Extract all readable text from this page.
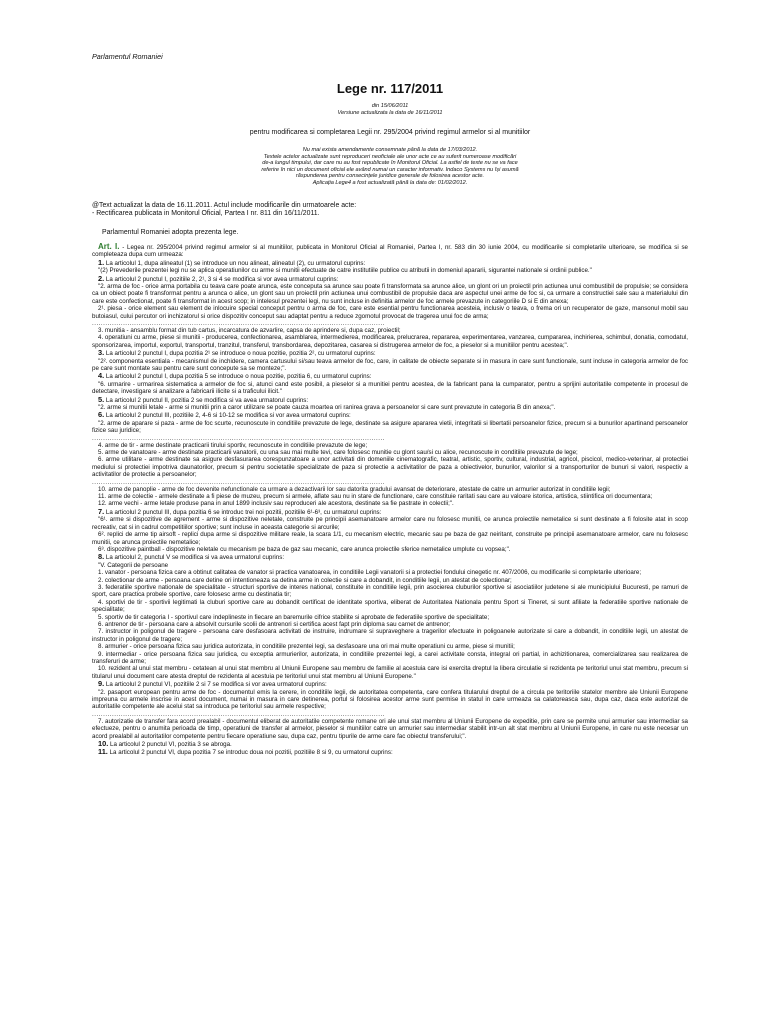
Parlamentul Romaniei
Lege nr. 117/2011
din 15/06/2011
Versiune actualizata la data de 16/11/2011
pentru modificarea si completarea Legii nr. 295/2004 privind regimul armelor si al munitiilor
Nu mai exista amendamente consemnate până la data de 17/03/2012.
Textele actelor actualizate sunt reproduceri neoficiale ale unor acte ce au suferit numeroase modificări
de-a lungul timpului, dar care nu au fost republicate în Monitorul Oficial. La astfel de texte nu se va face
referire în nici un document oficial ele având numai un caracter informativ. Indaco Systems nu își asumă
răspunderea pentru consecințele juridice generale de folosirea acestor acte.
Aplicația Lege4 a fost actualizată până la data de: 01/02/2012.
@Text actualizat la data de 16.11.2011. Actul include modificarile din urmatoarele acte:
- Rectificarea publicata in Monitorul Oficial, Partea I nr. 811 din 16/11/2011.
Parlamentul Romaniei adopta prezenta lege.

Art. I. - Legea nr. 295/2004 privind regimul armelor si al munitiilor, publicata in Monitorul Oficial al Romaniei, Partea I, nr. 583 din 30 iunie 2004, cu modificarile si completarile ulterioare, se modifica si se completeaza dupa cum urmeaza:

1. La articolul 1, dupa alineatul (1) se introduce un nou alineat, alineatul (2), cu urmatorul cuprins:

"(2) Prevederile prezentei legi nu se aplica operatiunilor cu arme si munitii efectuate de catre institutiile publice cu atributii in domeniul apararii, sigurantei nationale si ordinii publice."

2. La articolul 2 punctul I, pozitiile 2, 2¹, 3 si 4 se modifica si vor avea urmatorul cuprins:

"2. arma de foc - orice arma portabila cu teava care poate arunca, este conceputa sa arunce sau poate fi transformata sa arunce alice, un glont ori un proiectil prin actiunea unui combustibil de propulsie; se considera ca un obiect poate fi transformat pentru a arunca o alice, un glont sau un proiectil prin actiunea unui combustibil de propulsie daca are aspectul unei arme de foc si, ca urmare a constructiei sale sau a materialului din care este confectionat, poate fi transformat in acest scop; in intelesul prezentei legi, nu sunt incluse in definitia armelor de foc armele prevazute in categoriile D si E din anexa;

2¹. piesa - orice element sau element de inlocuire special conceput pentru o arma de foc, care este esential pentru functionarea acesteia, inclusiv o teava, o frema ori un recuperator de gaze, mansonul mobil sau butoiasul, cului percutor ori inchizatorul si orice dispozitiv conceput sau adaptat pentru a reduce zgomotul provocat de tragerea unui foc de arma;

....................................................................................................................................

3. munitia - ansamblu format din tub cartus, incarcatura de azvarlire, capsa de aprindere si, dupa caz, proiectil;

4. operatiuni cu arme, piese si munitii - producerea, confectionarea, asamblarea, intermedierea, modificarea, prelucrarea, repararea, experimentarea, vanzarea, cumpararea, inchirierea, schimbul, donatia, comodatul, sponsorizarea, importul, exportul, transportul, tranzitul, transferul, transbordarea, depozitarea, casarea si distrugerea armelor de foc, a pieselor si a munitiilor pentru acestea;".

3. La articolul 2 punctul I, dupa pozitia 2¹ se introduce o noua pozitie, pozitia 2², cu urmatorul cuprins:

"2². componenta esentiala - mecanismul de inchidere, camera cartusului si/sau teava armelor de foc, care, in calitate de obiecte separate si in masura in care sunt functionale, sunt incluse in categoria armelor de foc pe care sunt montate sau pentru care sunt concepute sa se monteze;".

4. La articolul 2 punctul I, dupa pozitia 5 se introduce o noua pozitie, pozitia 6, cu urmatorul cuprins:

"6. urmarire - urmarirea sistematica a armelor de foc si, atunci cand este posibil, a pieselor si a munitiei pentru acestea, de la fabricant pana la cumparator, pentru a sprijini autoritatile competente in procesul de detectare, investigare si analizare a fabricarii ilicite si a traficului ilicit."

5. La articolul 2 punctul II, pozitia 2 se modifica si va avea urmatorul cuprins:

"2. arme si munitii letale - arme si munitii prin a caror utilizare se poate cauza moartea ori ranirea grava a persoanelor si care sunt prevazute in categoria B din anexa;".

6. La articolul 2 punctul III, pozitiile 2, 4-6 si 10-12 se modifica si vor avea urmatorul cuprins:

"2. arme de aparare si paza - arme de foc scurte, recunoscute in conditiile prevazute de lege, destinate sa asigure apararea vietii, integritatii si libertatii persoanelor fizice, precum si a bunurilor apartinand persoanelor fizice sau juridice;

....................................................................................................................................

4. arme de tir - arme destinate practicarii tirului sportiv, recunoscute in conditiile prevazute de lege;

5. arme de vanatoare - arme destinate practicarii vanatorii, cu una sau mai multe tevi, care folosesc munitie cu glont sau/si cu alice, recunoscute in conditiile prevazute de lege;

6. arme utilitare - arme destinate sa asigure desfasurarea corespunzatoare a unor activitati din domeniile cinematografic, teatral, artistic, sportiv, cultural, industrial, agricol, piscicol, medico-veterinar, al protectiei mediului si protectiei impotriva daunatorilor, precum si pentru societatile specializate de paza si protectie a activitatilor de paza a obiectivelor, bunurilor, valorilor si a transporturilor de bunuri si valori, respectiv a activitatilor de protectie a persoanelor;

....................................................................................................................................

10. arme de panoplie - arme de foc devenite nefunctionale ca urmare a dezactivarii lor sau datorita gradului avansat de deteriorare, atestate de catre un armurier autorizat in conditiile legii;

11. arme de colectie - armele destinate a fi piese de muzeu, precum si armele, aflate sau nu in stare de functionare, care constituie raritati sau care au valoare istorica, artistica, stiintifica ori documentara;

12. arme vechi - arme letale produse pana in anul 1899 inclusiv sau reproduceri ale acestora, destinate sa fie pastrate in colectii;".

7. La articolul 2 punctul III, dupa pozitia 6 se introduc trei noi pozitii, pozitiile 6¹-6³, cu urmatorul cuprins:

"6¹. arme si dispozitive de agrement - arme si dispozitive neletale, construite pe principii asemanatoare armelor care nu folosesc munitii, ce arunca proiectile nemetalice si sunt destinate a fi folosite atat in scop recreativ, cat si in cadrul competitiilor sportive; sunt incluse in aceasta categorie si arcurile;

6². replici de arme tip airsoft - replici dupa arme si dispozitive militare reale, la scara 1/1, cu mecanism electric, mecanic sau pe baza de gaz neiritant, construite pe principii asemanatoare armelor, care nu folosesc munitii, ce arunca proiectile nemetalice;

6³. dispozitive paintball - dispozitive neletale cu mecanism pe baza de gaz sau mecanic, care arunca proiectile sferice nemetalice umplute cu vopsea;".

8. La articolul 2, punctul V se modifica si va avea urmatorul cuprins:

"V. Categorii de persoane

1. vanator - persoana fizica care a obtinut calitatea de vanator si practica vanatoarea, in conditiile Legii vanatorii si a protectiei fondului cinegetic nr. 407/2006, cu modificarile si completarile ulterioare;

2. colectionar de arme - persoana care detine ori intentioneaza sa detina arme in colectie si care a dobandit, in conditiile legii, un atestat de colectionar;

3. federatiile sportive nationale de specialitate - structuri sportive de interes national, constituite in conditiile legii, prin asocierea cluburilor sportive si asociatiilor judetene si ale municipiului Bucuresti, pe ramuri de sport, care practica probele sportive, care folosesc arme cu destinatia tir;

4. sportivi de tir - sportivii legitimati la cluburi sportive care au dobandit certificat de identitate sportiva, eliberat de Autoritatea Nationala pentru Sport si Tineret, si sunt afiliate la federatiile sportive nationale de specialitate;

5. sportiv de tir categoria I - sportivul care indeplineste in fiecare an baremurile cifrice stabilite si aprobate de federatiile sportive de specialitate;

6. antrenor de tir - persoana care a absolvit cursurile scolii de antrenori si certifica acest fapt prin diploma sau carnet de antrenor;

7. instructor in poligonul de tragere - persoana care desfasoara activitati de instruire, indrumare si supraveghere a tragerilor efectuate in poligoanele autorizate si care a dobandit, in conditiile legii, un atestat de instructor in poligonul de tragere;

8. armurier - orice persoana fizica sau juridica autorizata, in conditiile prezentei legi, sa desfasoare una ori mai multe operatiuni cu arme, piese si munitii;

9. intermediar - orice persoana fizica sau juridica, cu exceptia armurierilor, autorizata, in conditiile prezentei legi, a carei activitate consta, integral ori partial, in achizitionarea, comercializarea sau realizarea de transferuri de arme;

10. rezident al unui stat membru - cetatean al unui stat membru al Uniunii Europene sau membru de familie al acestuia care isi exercita dreptul la libera circulatie si rezidenta pe teritoriul unui stat membru, precum si titularul unui document care atesta dreptul de rezidenta al acestuia pe teritoriul unui stat membru al Uniunii Europene."

9. La articolul 2 punctul VI, pozitiile 2 si 7 se modifica si vor avea urmatorul cuprins:

"2. pasaport european pentru arme de foc - documentul emis la cerere, in conditiile legii, de autoritatea competenta, care confera titularului dreptul de a circula pe teritoriile statelor membre ale Uniunii Europene impreuna cu armele inscrise in acest document, numai in masura in care detinerea, portul si folosirea acestor arme sunt permise in statul in care urmeaza sa calatoreasca sau, dupa caz, daca este autorizat de autoritatile competente ale acelui stat sa introduca pe teritoriul sau armele respective;

....................................................................................................................................

7. autorizatie de transfer fara acord prealabil - documentul eliberat de autoritatile competente romane ori ale unui stat membru al Uniunii Europene de expeditie, prin care se permite unui armurier sau intermediar sa efectueze, pentru o anumita perioada de timp, operatiuni de transfer al armelor, pieselor si munitiilor catre un armurier sau intermediar stabilit intr-un alt stat membru al Uniunii Europene, in care nu este necesar un acord prealabil al autoritatilor competente pentru fiecare operatiune sau, dupa caz, pentru tipurile de arme care fac obiectul transferului;".

10. La articolul 2 punctul VI, pozitia 3 se abroga.

11. La articolul 2 punctul VI, dupa pozitia 7 se introduc doua noi pozitii, pozitiile 8 si 9, cu urmatorul cuprins:
